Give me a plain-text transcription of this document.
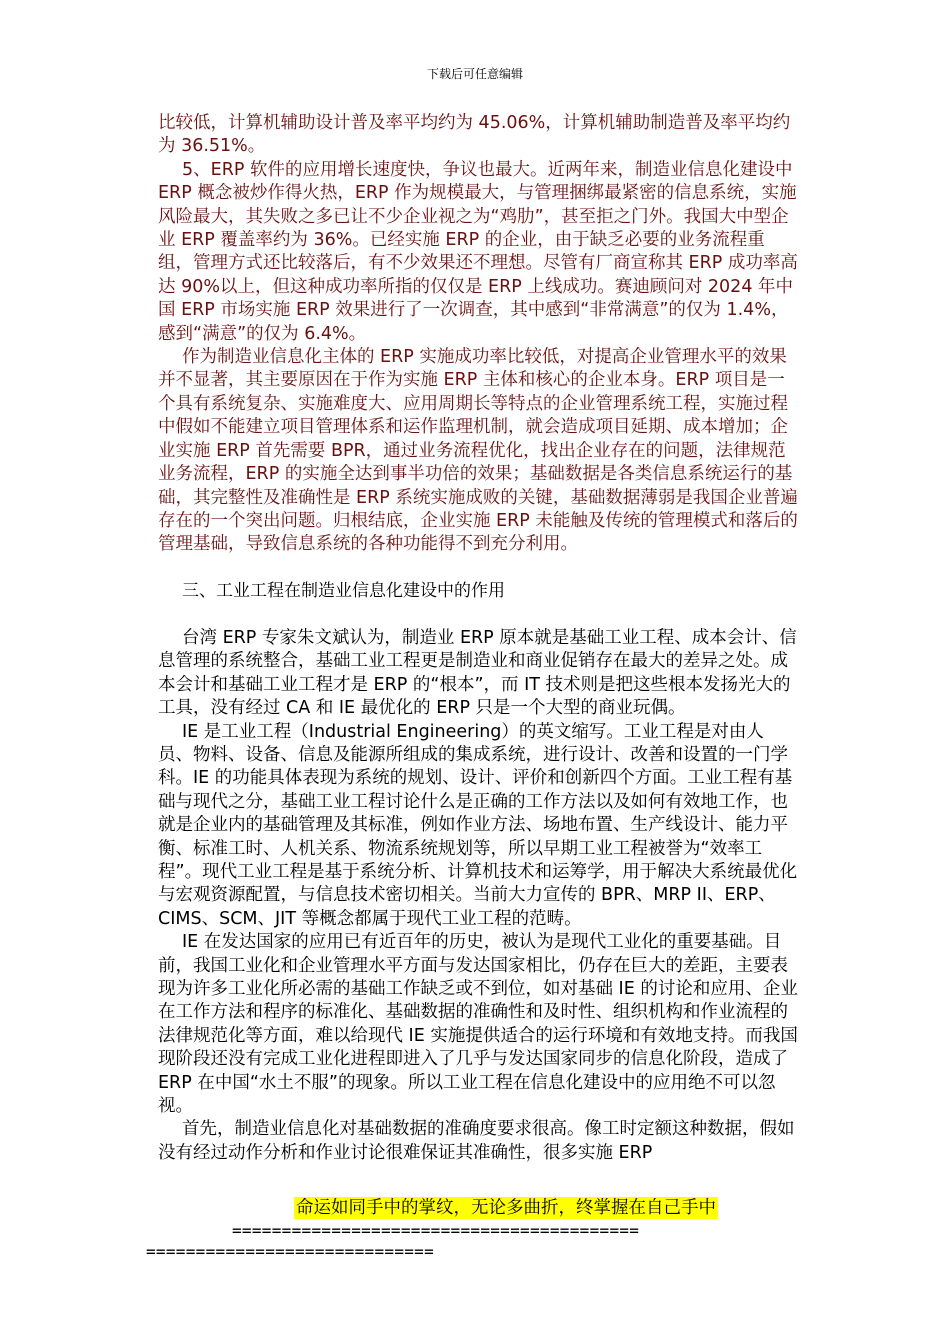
下载后可任意编辑

比较低，计算机辅助设计普及率平均约为 45.06%，计算机辅助制造普及率平均约为 36.51%。

5、ERP 软件的应用增长速度快，争议也最大。近两年来，制造业信息化建设中 ERP 概念被炒作得火热，ERP 作为规模最大，与管理捆绑最紧密的信息系统，实施风险最大，其失败之多已让不少企业视之为“鸡肋”，甚至拒之门外。我国大中型企业 ERP 覆盖率约为 36%。已经实施 ERP 的企业，由于缺乏必要的业务流程重组，管理方式还比较落后，有不少效果还不理想。尽管有厂商宣称其 ERP 成功率高达 90%以上，但这种成功率所指的仅仅是 ERP 上线成功。赛迪顾问对 2024 年中国 ERP 市场实施 ERP 效果进行了一次调查，其中感到“非常满意”的仅为 1.4%，感到“满意”的仅为 6.4%。

作为制造业信息化主体的 ERP 实施成功率比较低，对提高企业管理水平的效果并不显著，其主要原因在于作为实施 ERP 主体和核心的企业本身。ERP 项目是一个具有系统复杂、实施难度大、应用周期长等特点的企业管理系统工程，实施过程中假如不能建立项目管理体系和运作监理机制，就会造成项目延期、成本增加；企业实施 ERP 首先需要 BPR，通过业务流程优化，找出企业存在的问题，法律规范业务流程，ERP 的实施全达到事半功倍的效果；基础数据是各类信息系统运行的基础，其完整性及准确性是 ERP 系统实施成败的关键，基础数据薄弱是我国企业普遍存在的一个突出问题。归根结底，企业实施 ERP 未能触及传统的管理模式和落后的管理基础，导致信息系统的各种功能得不到充分利用。

三、工业工程在制造业信息化建设中的作用

台湾 ERP 专家朱文斌认为，制造业 ERP 原本就是基础工业工程、成本会计、信息管理的系统整合，基础工业工程更是制造业和商业促销存在最大的差异之处。成本会计和基础工业工程才是 ERP 的“根本”，而 IT 技术则是把这些根本发扬光大的工具，没有经过 CA 和 IE 最优化的 ERP 只是一个大型的商业玩偶。

IE 是工业工程（Industrial Engineering）的英文缩写。工业工程是对由人员、物料、设备、信息及能源所组成的集成系统，进行设计、改善和设置的一门学科。IE 的功能具体表现为系统的规划、设计、评价和创新四个方面。工业工程有基础与现代之分，基础工业工程讨论什么是正确的工作方法以及如何有效地工作，也就是企业内的基础管理及其标准，例如作业方法、场地布置、生产线设计、能力平衡、标准工时、人机关系、物流系统规划等，所以早期工业工程被誉为“效率工程”。现代工业工程是基于系统分析、计算机技术和运筹学，用于解决大系统最优化与宏观资源配置，与信息技术密切相关。当前大力宣传的 BPR、MRP II、ERP、CIMS、SCM、JIT 等概念都属于现代工业工程的范畴。

IE 在发达国家的应用已有近百年的历史，被认为是现代工业化的重要基础。目前，我国工业化和企业管理水平方面与发达国家相比，仍存在巨大的差距，主要表现为许多工业化所必需的基础工作缺乏或不到位，如对基础 IE 的讨论和应用、企业在工作方法和程序的标准化、基础数据的准确性和及时性、组织机构和作业流程的法律规范化等方面，难以给现代 IE 实施提供适合的运行环境和有效地支持。而我国现阶段还没有完成工业化进程即进入了几乎与发达国家同步的信息化阶段，造成了 ERP 在中国“水土不服”的现象。所以工业工程在信息化建设中的应用绝不可以忽视。

首先，制造业信息化对基础数据的准确度要求很高。像工时定额这种数据，假如没有经过动作分析和作业讨论很难保证其准确性，很多实施 ERP

命运如同手中的掌纹，无论多曲折，终掌握在自己手中
=========================================
=============================
